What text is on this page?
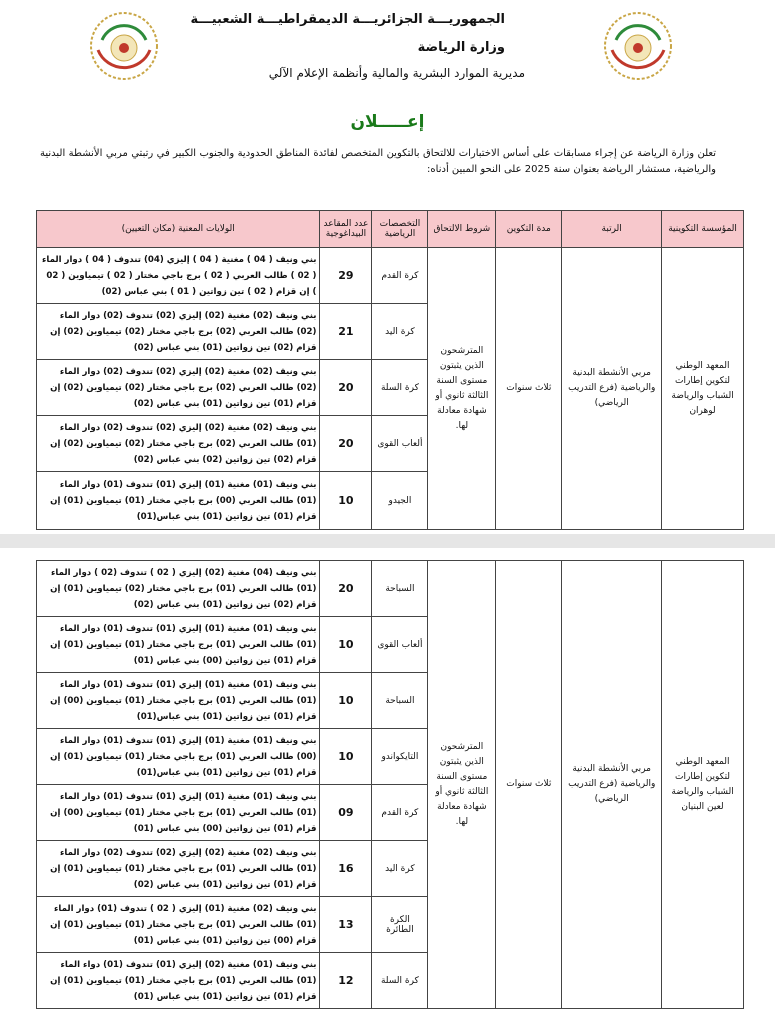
الجمهوريـــة الجزائريـــة الديمقراطيـــة الشعبيـــة
وزارة الرياضة
مديرية الموارد البشرية والمالية وأنظمة الإعلام الآلي
إعـــــلان
تعلن وزارة الرياضة عن إجراء مسابقات على أساس الاختبارات للالتحاق بالتكوين المتخصص لفائدة المناطق الحدودية والجنوب الكبير في رتبتي مربي الأنشطة البدنية والرياضية، مستشار الرياضة بعنوان سنة 2025 على النحو المبين أدناه:
المؤسسة التكوينية	الرتبة	مدة التكوين	شروط الالتحاق	التخصصات الرياضية	عدد المقاعد البيداغوجية	الولايات المعنية (مكان التعيين)
المعهد الوطني لتكوين إطارات الشباب والرياضة لوهران	مربي الأنشطة البدنية والرياضية (فرع التدريب الرياضي)	ثلاث سنوات	المترشحون الذين يثبتون مستوى السنة الثالثة ثانوي أو شهادة معادلة لها.	كرة القدم	29	بني ونيف ( 04 ) مغنية ( 04 ) إليزي (04) تندوف ( 04 ) دوار الماء ( 02 ) طالب العربي ( 02 ) برج باجي مختار ( 02 ) تيمياوين ( 02 ) إن قزام ( 02 ) تين زواتين ( 01 ) بني عباس (02)
				كرة اليد	21	بني ونيف (02) مغنية (02) إليزي (02) تندوف (02) دوار الماء (02) طالب العربي (02) برج باجي مختار (02) تيمياوين (02) إن قزام (02) تين زواتين (01) بني عباس (02)
				كرة السلة	20	بني ونيف (02) مغنية (02) إليزي (02) تندوف (02) دوار الماء (02) طالب العربي (02) برج باجي مختار (02) تيمياوين (02) إن قزام (01) تين زواتين (01) بني عباس (02)
				ألعاب القوى	20	بني ونيف (02) مغنية (02) إليزي (02) تندوف (02) دوار الماء (01) طالب العربي (02) برج باجي مختار (02) تيمياوين (02) إن قزام (02) تين زواتين (02) بني عباس (02)
				الجيدو	10	بني ونيف (01) مغنية (01) إليزي (01) تندوف (01) دوار الماء (01) طالب العربي (00) برج باجي مختار (01) تيمياوين (01) إن قزام (01) تين زواتين (01) بني عباس(01)
المعهد الوطني لتكوين إطارات الشباب والرياضة لعين البنيان	مربي الأنشطة البدنية والرياضية (فرع التدريب الرياضي)	ثلاث سنوات	المترشحون الذين يثبتون مستوى السنة الثالثة ثانوي أو شهادة معادلة لها.	السباحة	20	بني ونيف (04) مغنية (02) إليزي ( 02 ) تندوف (02 ) دوار الماء (01) طالب العربي (01) برج باجي مختار (02) تيمياوين (01) إن قزام (02) تين زواتين (01) بني عباس (02)
				ألعاب القوى	10	بني ونيف (01) مغنية (01) إليزي (01) تندوف (01) دوار الماء (01) طالب العربي (01) برج باجي مختار (01) تيمياوين (01) إن قزام (01) تين زواتين (00) بني عباس (01)
				السباحة	10	بني ونيف (01) مغنية (01) إليزي (01) تندوف (01) دوار الماء (01) طالب العربي (01) برج باجي مختار (01) تيمياوين (00) إن قزام (01) تين زواتين (01) بني عباس(01)
				التايكواندو	10	بني ونيف (01) مغنية (01) إليزي (01) تندوف (01) دوار الماء (00) طالب العربي (01) برج باجي مختار (01) تيمياوين (01) إن قزام (01) تين زواتين (01) بني عباس(01)
				كرة القدم	09	بني ونيف (01) مغنية (01) إليزي (01) تندوف (01) دوار الماء (01) طالب العربي (01) برج باجي مختار (01) تيمياوين (00) إن قزام (01) تين زواتين (00) بني عباس (01)
				كرة اليد	16	بني ونيف (02) مغنية (02) إليزي (02) تندوف (02) دوار الماء (01) طالب العربي (01) برج باجي مختار (01) تيمياوين (01) إن قزام (01) تين زواتين (01) بني عباس (02)
				الكرة الطائرة	13	بني ونيف (02) مغنية (01) إليزي ( 02 ) تندوف (01) دوار الماء (01) طالب العربي (01) برج باجي مختار (01) تيمياوين (01) إن قزام (00) تين زواتين (01) بني عباس (01)
				كرة السلة	12	بني ونيف (01) مغنية (02) إليزي (01) تندوف (01) دواء الماء (01) طالب العربي (01) برج باجي مختار (01) تيمياوين (01) إن قزام (01) تين زواتين (01) بني عباس (01)
